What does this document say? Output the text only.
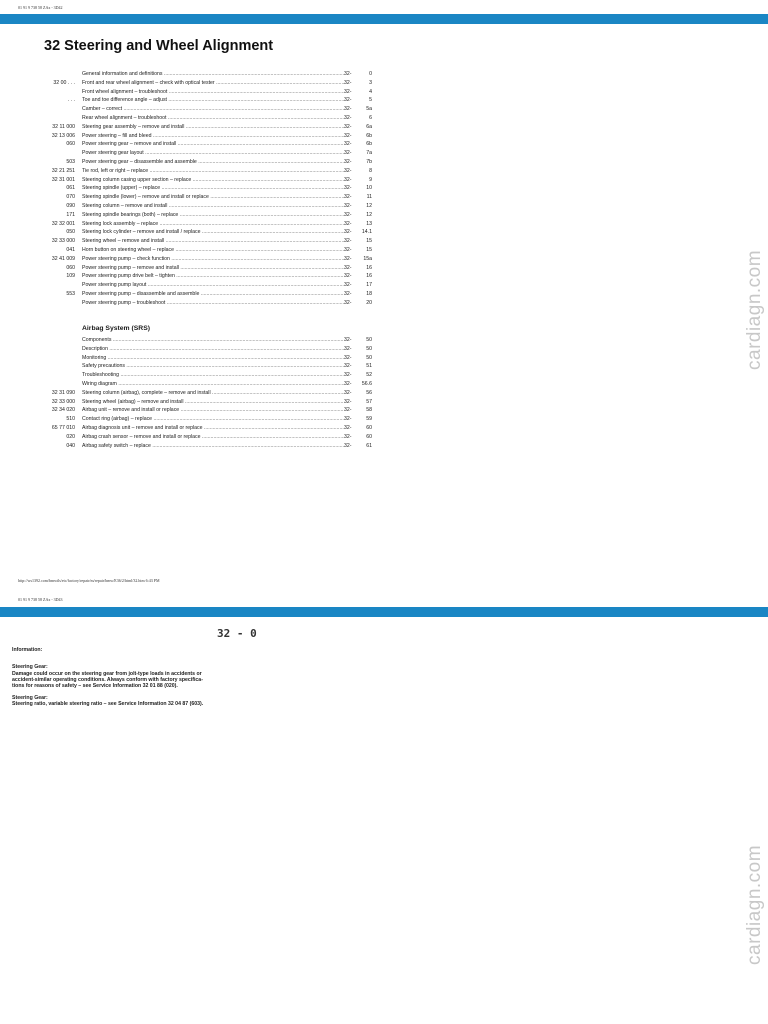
01 91 9 738 58 ZAx - 3D42
32 Steering and Wheel Alignment
General information and definitions .....	32-	0
32 00 . . . Front and rear wheel alignment – check with optical tester .....	32-	3
Front wheel alignment – troubleshoot .....	32-	4
. . . Toe and toe difference angle – adjust .....	32-	5
Camber – correct .....	32-	5a
Rear wheel alignment – troubleshoot .....	32-	6
32 11 000 Steering gear assembly – remove and install .....	32-	6a
32 13 006 Power steering – fill and bleed .....	32-	6b
060 Power steering gear – remove and install .....	32-	6b
Power steering gear layout .....	32-	7a
503 Power steering gear – disassemble and assemble .....	32-	7b
32 21 251 Tie rod, left or right – replace .....	32-	8
32 31 001 Steering column casing upper section – replace .....	32-	9
061 Steering spindle (upper) – replace .....	32-	10
070 Steering spindle (lower) – remove and install or replace .....	32-	11
090 Steering column – remove and install .....	32-	12
171 Steering spindle bearings (both) – replace .....	32-	12
32 32 001 Steering lock assembly – replace .....	32-	13
050 Steering lock cylinder – remove and install / replace .....	32- 14.1
32 33 000 Steering wheel – remove and install .....	32-	15
041 Horn button on steering wheel – replace .....	32-	15
32 41 009 Power steering pump – check function .....	32- 15a
060 Power steering pump – remove and install .....	32-	16
109 Power steering pump drive belt – tighten .....	32-	16
Power steering pump layout .....	32-	17
553 Power steering pump – disassemble and assemble .....	32-	18
Power steering pump – troubleshoot .....	32-	20
Airbag System (SRS)
Components .....	32-	50
Description .....	32-	50
Monitoring .....	32-	50
Safety precautions .....	32-	51
Troubleshooting .....	32-	52
Wiring diagram .....	32- 56.6
32 31 090 Steering column (airbag), complete – remove and install .....	32-	56
32 33 000 Steering wheel (airbag) – remove and install .....	32-	57
32 34 020 Airbag unit – remove and install or replace .....	32-	58
510 Contact ring (airbag) – replace .....	32-	59
65 77 010 Airbag diagnosis unit – remove and install or replace .....	32-	60
020 Airbag crash sensor – remove and install or replace .....	32-	60
040 Airbag safety switch – replace .....	32-	61
http://ws1392.com/bmwtls/etc/factory/repair/m/repair/bmw/E36/2/html/32.htm 6:43 PM
cardiagn.com
01 91 9 738 58 ZAx - 3D43
32 - 0
Information:
Steering Gear:
Damage could occur on the steering gear from jolt-type loads in accidents or
accident-similar operating conditions. Always conform with factory specifica-
tions for reasons of safety – see Service Information 32 01 88 (020).
Steering Gear:
Steering ratio, variable steering ratio – see Service Information 32 04 87 (603).
cardiagn.com
